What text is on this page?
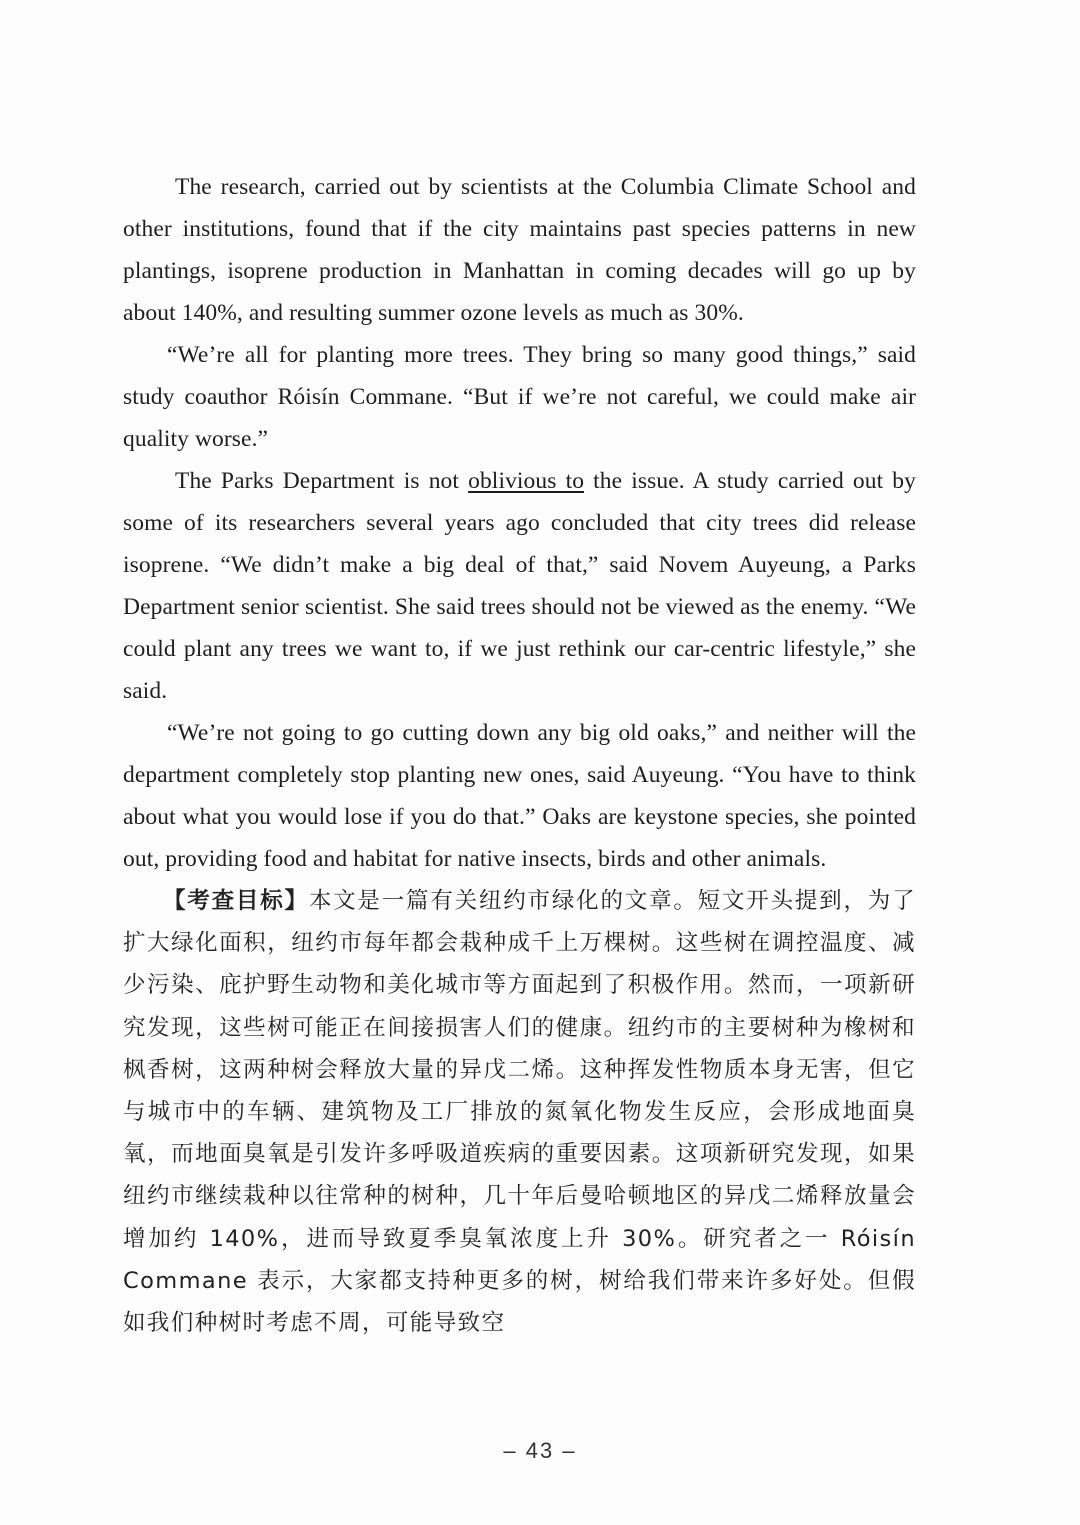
The research, carried out by scientists at the Columbia Climate School and other institutions, found that if the city maintains past species patterns in new plantings, isoprene production in Manhattan in coming decades will go up by about 140%, and resulting summer ozone levels as much as 30%.

“We’re all for planting more trees. They bring so many good things,” said study coauthor Róisín Commane. “But if we’re not careful, we could make air quality worse.”

The Parks Department is not oblivious to the issue. A study carried out by some of its researchers several years ago concluded that city trees did release isoprene. “We didn’t make a big deal of that,” said Novem Auyeung, a Parks Department senior scientist. She said trees should not be viewed as the enemy. “We could plant any trees we want to, if we just rethink our car-centric lifestyle,” she said.

“We’re not going to go cutting down any big old oaks,” and neither will the department completely stop planting new ones, said Auyeung. “You have to think about what you would lose if you do that.” Oaks are keystone species, she pointed out, providing food and habitat for native insects, birds and other animals.

【考查目标】本文是一篇有关纽约市绿化的文章。短文开头提到，为了扩大绿化面积，纽约市每年都会栽种成千上万棵树。这些树在调控温度、减少污染、庇护野生动物和美化城市等方面起到了积极作用。然而，一项新研究发现，这些树可能正在间接损害人们的健康。纽约市的主要树种为橡树和枫香树，这两种树会释放大量的异戊二烯。这种挥发性物质本身无害，但它与城市中的车辆、建筑物及工厂排放的氮氧化物发生反应，会形成地面臭氧，而地面臭氧是引发许多呼吸道疾病的重要因素。这项新研究发现，如果纽约市继续栽种以往常种的树种，几十年后曼哈顿地区的异戊二烯释放量会增加约 140%，进而导致夏季臭氧浓度上升 30%。研究者之一 Róisín Commane 表示，大家都支持种更多的树，树给我们带来许多好处。但假如我们种树时考虑不周，可能导致空

– 43 –
